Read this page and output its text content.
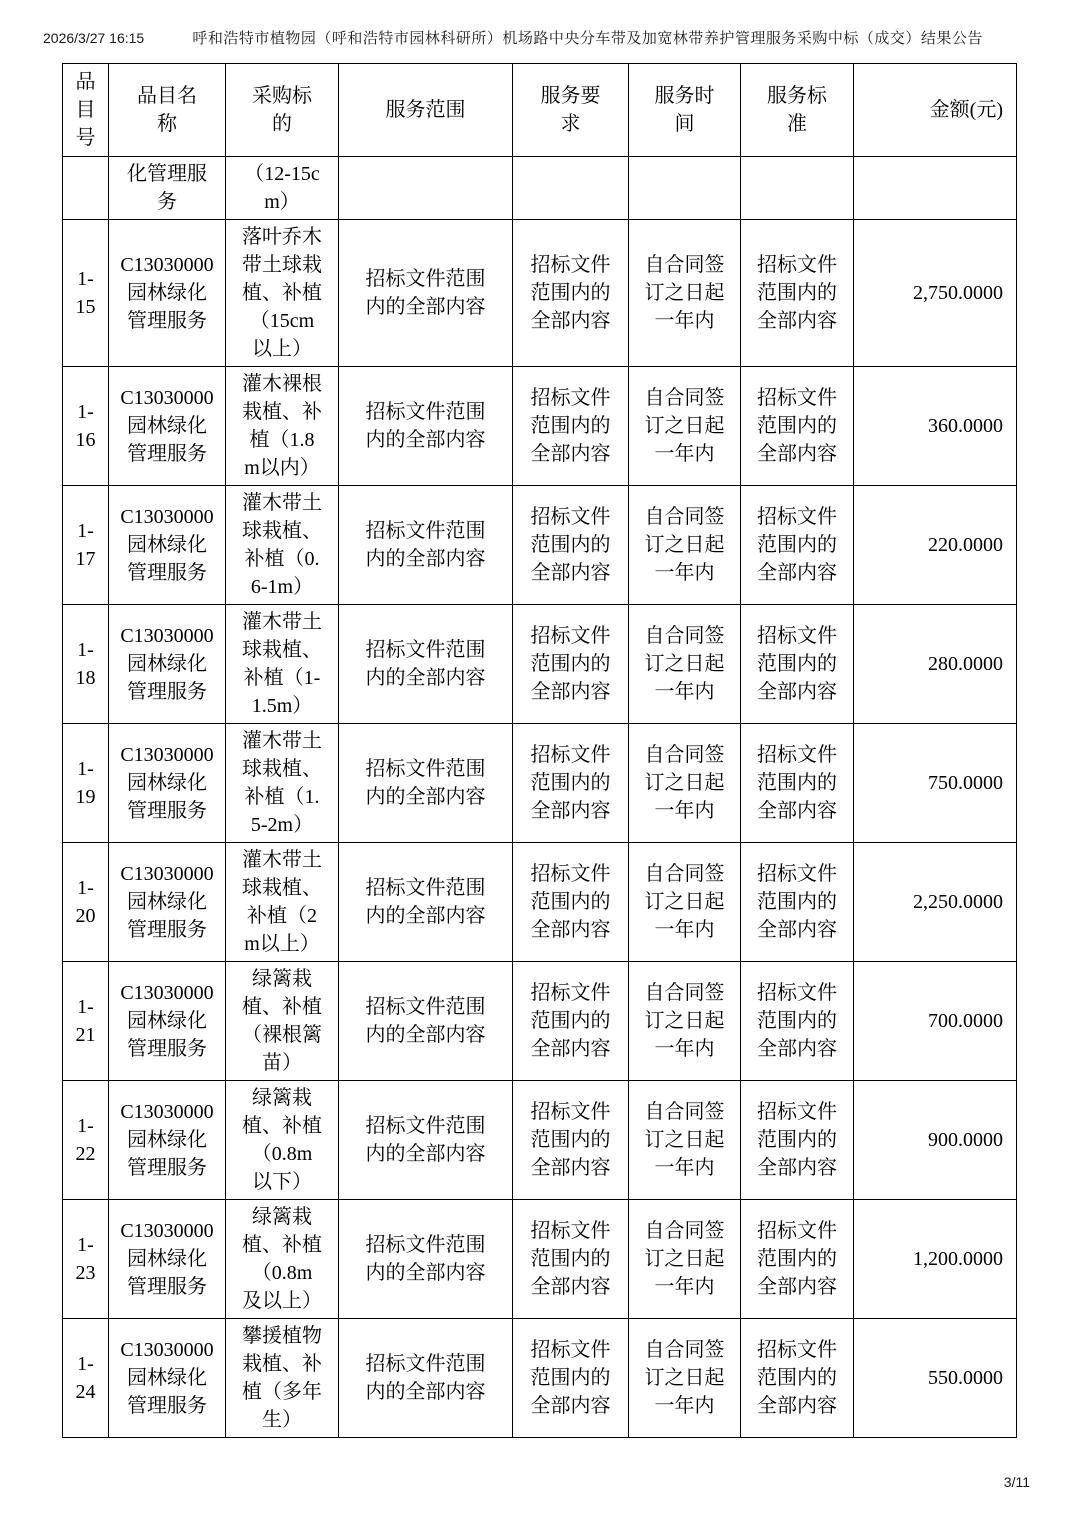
2026/3/27 16:15	呼和浩特市植物园（呼和浩特市园林科研所）机场路中央分车带及加宽林带养护管理服务采购中标（成交）结果公告
品目号	品目名称	采购标的	服务范围	服务要求	服务时间	服务标准	金额(元)
	化管理服务	（12-15cm）					
1-15	C13030000 园林绿化管理服务	落叶乔木带土球栽植、补植（15cm以上）	招标文件范围内的全部内容	招标文件范围内的全部内容	自合同签订之日起一年内	招标文件范围内的全部内容	2,750.0000
1-16	C13030000 园林绿化管理服务	灌木裸根栽植、补植（1.8m以内）	招标文件范围内的全部内容	招标文件范围内的全部内容	自合同签订之日起一年内	招标文件范围内的全部内容	360.0000
1-17	C13030000 园林绿化管理服务	灌木带土球栽植、补植（0.6-1m）	招标文件范围内的全部内容	招标文件范围内的全部内容	自合同签订之日起一年内	招标文件范围内的全部内容	220.0000
1-18	C13030000 园林绿化管理服务	灌木带土球栽植、补植（1-1.5m）	招标文件范围内的全部内容	招标文件范围内的全部内容	自合同签订之日起一年内	招标文件范围内的全部内容	280.0000
1-19	C13030000 园林绿化管理服务	灌木带土球栽植、补植（1.5-2m）	招标文件范围内的全部内容	招标文件范围内的全部内容	自合同签订之日起一年内	招标文件范围内的全部内容	750.0000
1-20	C13030000 园林绿化管理服务	灌木带土球栽植、补植（2m以上）	招标文件范围内的全部内容	招标文件范围内的全部内容	自合同签订之日起一年内	招标文件范围内的全部内容	2,250.0000
1-21	C13030000 园林绿化管理服务	绿篱栽植、补植（裸根篱苗）	招标文件范围内的全部内容	招标文件范围内的全部内容	自合同签订之日起一年内	招标文件范围内的全部内容	700.0000
1-22	C13030000 园林绿化管理服务	绿篱栽植、补植（0.8m以下）	招标文件范围内的全部内容	招标文件范围内的全部内容	自合同签订之日起一年内	招标文件范围内的全部内容	900.0000
1-23	C13030000 园林绿化管理服务	绿篱栽植、补植（0.8m及以上）	招标文件范围内的全部内容	招标文件范围内的全部内容	自合同签订之日起一年内	招标文件范围内的全部内容	1,200.0000
1-24	C13030000 园林绿化管理服务	攀援植物栽植、补植（多年生）	招标文件范围内的全部内容	招标文件范围内的全部内容	自合同签订之日起一年内	招标文件范围内的全部内容	550.0000
3/11
